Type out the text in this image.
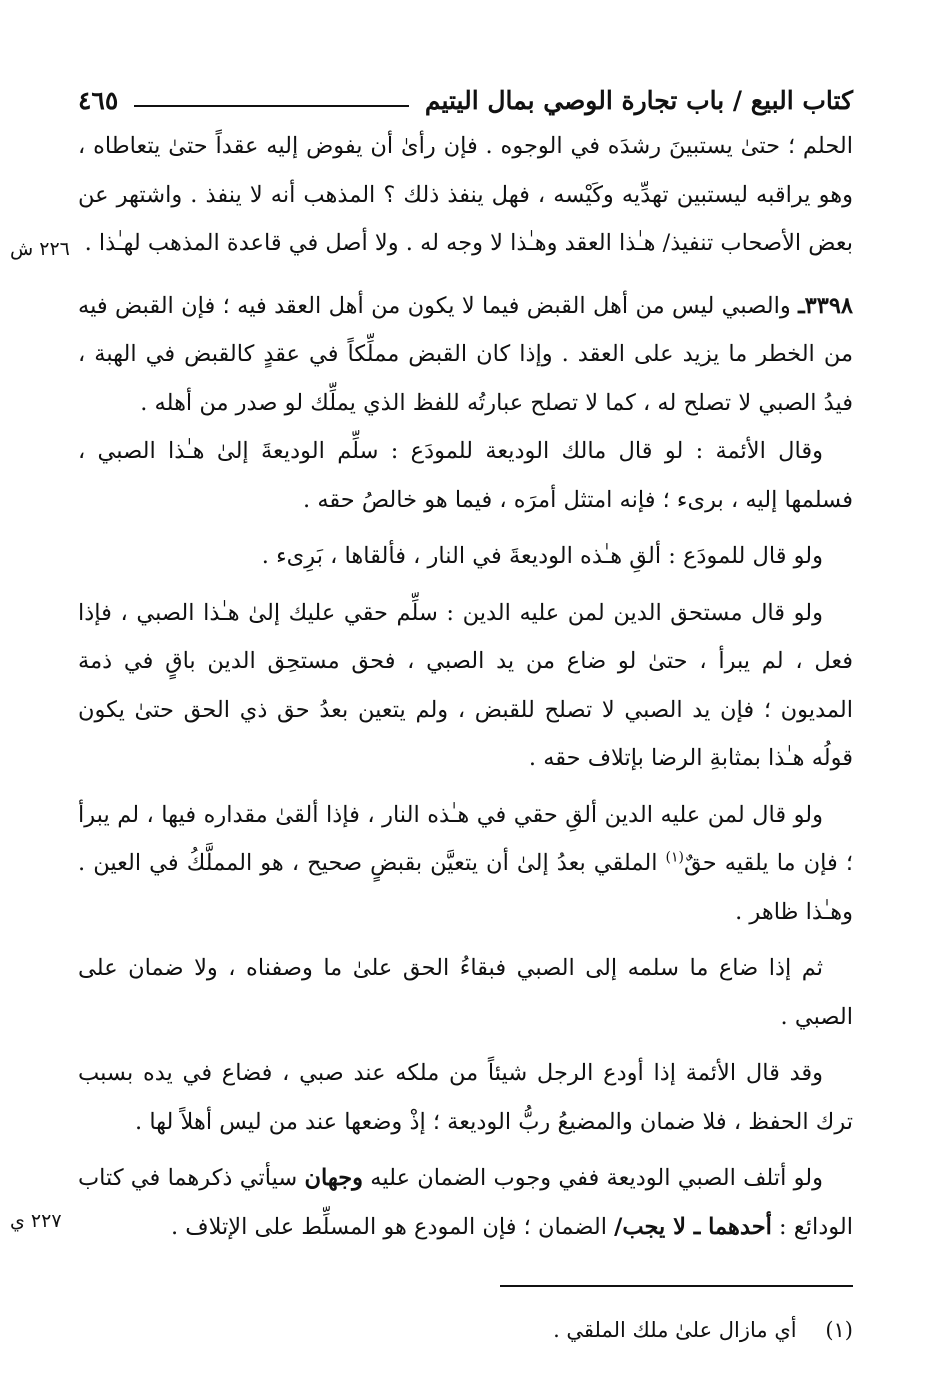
كتاب البيع / باب تجارة الوصي بمال اليتيم
٤٦٥

الحلم ؛ حتىٰ يستبينَ رشدَه في الوجوه . فإن رأىٰ أن يفوض إليه عقداً حتىٰ يتعاطاه ، وهو يراقبه ليستبين تهدِّيه وكَيْسه ، فهل ينفذ ذلك ؟ المذهب أنه لا ينفذ . واشتهر عن بعض الأصحاب تنفيذ/ هـٰذا العقد وهـٰذا لا وجه له . ولا أصل في قاعدة المذهب لهـٰذا .

٣٣٩٨ـ والصبي ليس من أهل القبض فيما لا يكون من أهل العقد فيه ؛ فإن القبض فيه من الخطر ما يزيد على العقد . وإذا كان القبض مملِّكاً في عقدٍ كالقبض في الهبة ، فيدُ الصبي لا تصلح له ، كما لا تصلح عبارتُه للفظ الذي يملِّك لو صدر من أهله .

وقال الأئمة : لو قال مالك الوديعة للمودَع : سلِّم الوديعةَ إلىٰ هـٰذا الصبي ، فسلمها إليه ، برىء ؛ فإنه امتثل أمرَه ، فيما هو خالصُ حقه .

ولو قال للمودَع : ألقِ هـٰذه الوديعةَ في النار ، فألقاها ، بَرِىء .

ولو قال مستحق الدين لمن عليه الدين : سلِّم حقي عليك إلىٰ هـٰذا الصبي ، فإذا فعل ، لم يبرأ ، حتىٰ لو ضاع من يد الصبي ، فحق مستحِق الدين باقٍ في ذمة المديون ؛ فإن يد الصبي لا تصلح للقبض ، ولم يتعين بعدُ حق ذي الحق حتىٰ يكون قولُه هـٰذا بمثابةِ الرضا بإتلاف حقه .

ولو قال لمن عليه الدين ألقِ حقي في هـٰذه النار ، فإذا ألقىٰ مقداره فيها ، لم يبرأ ؛ فإن ما يلقيه حقٌ$^{(١)}$ الملقي بعدُ إلىٰ أن يتعيَّن بقبضٍ صحيح ، هو المملَّكُ في العين . وهـٰذا ظاهر .

ثم إذا ضاع ما سلمه إلى الصبي فبقاءُ الحق علىٰ ما وصفناه ، ولا ضمان على الصبي .

وقد قال الأئمة إذا أودع الرجل شيئاً من ملكه عند صبي ، فضاع في يده بسبب ترك الحفظ ، فلا ضمان والمضيعُ ربُّ الوديعة ؛ إذْ وضعها عند من ليس أهلاً لها .

ولو أتلف الصبي الوديعة ففي وجوب الضمان عليه وجهان سيأتي ذكرهما في كتاب الودائع : أحدهما ـ لا يجب/ الضمان ؛ فإن المودع هو المسلِّط على الإتلاف .

(١) أي مازال علىٰ ملك الملقي .
٢٢٦ ش
٢٢٧ ي
